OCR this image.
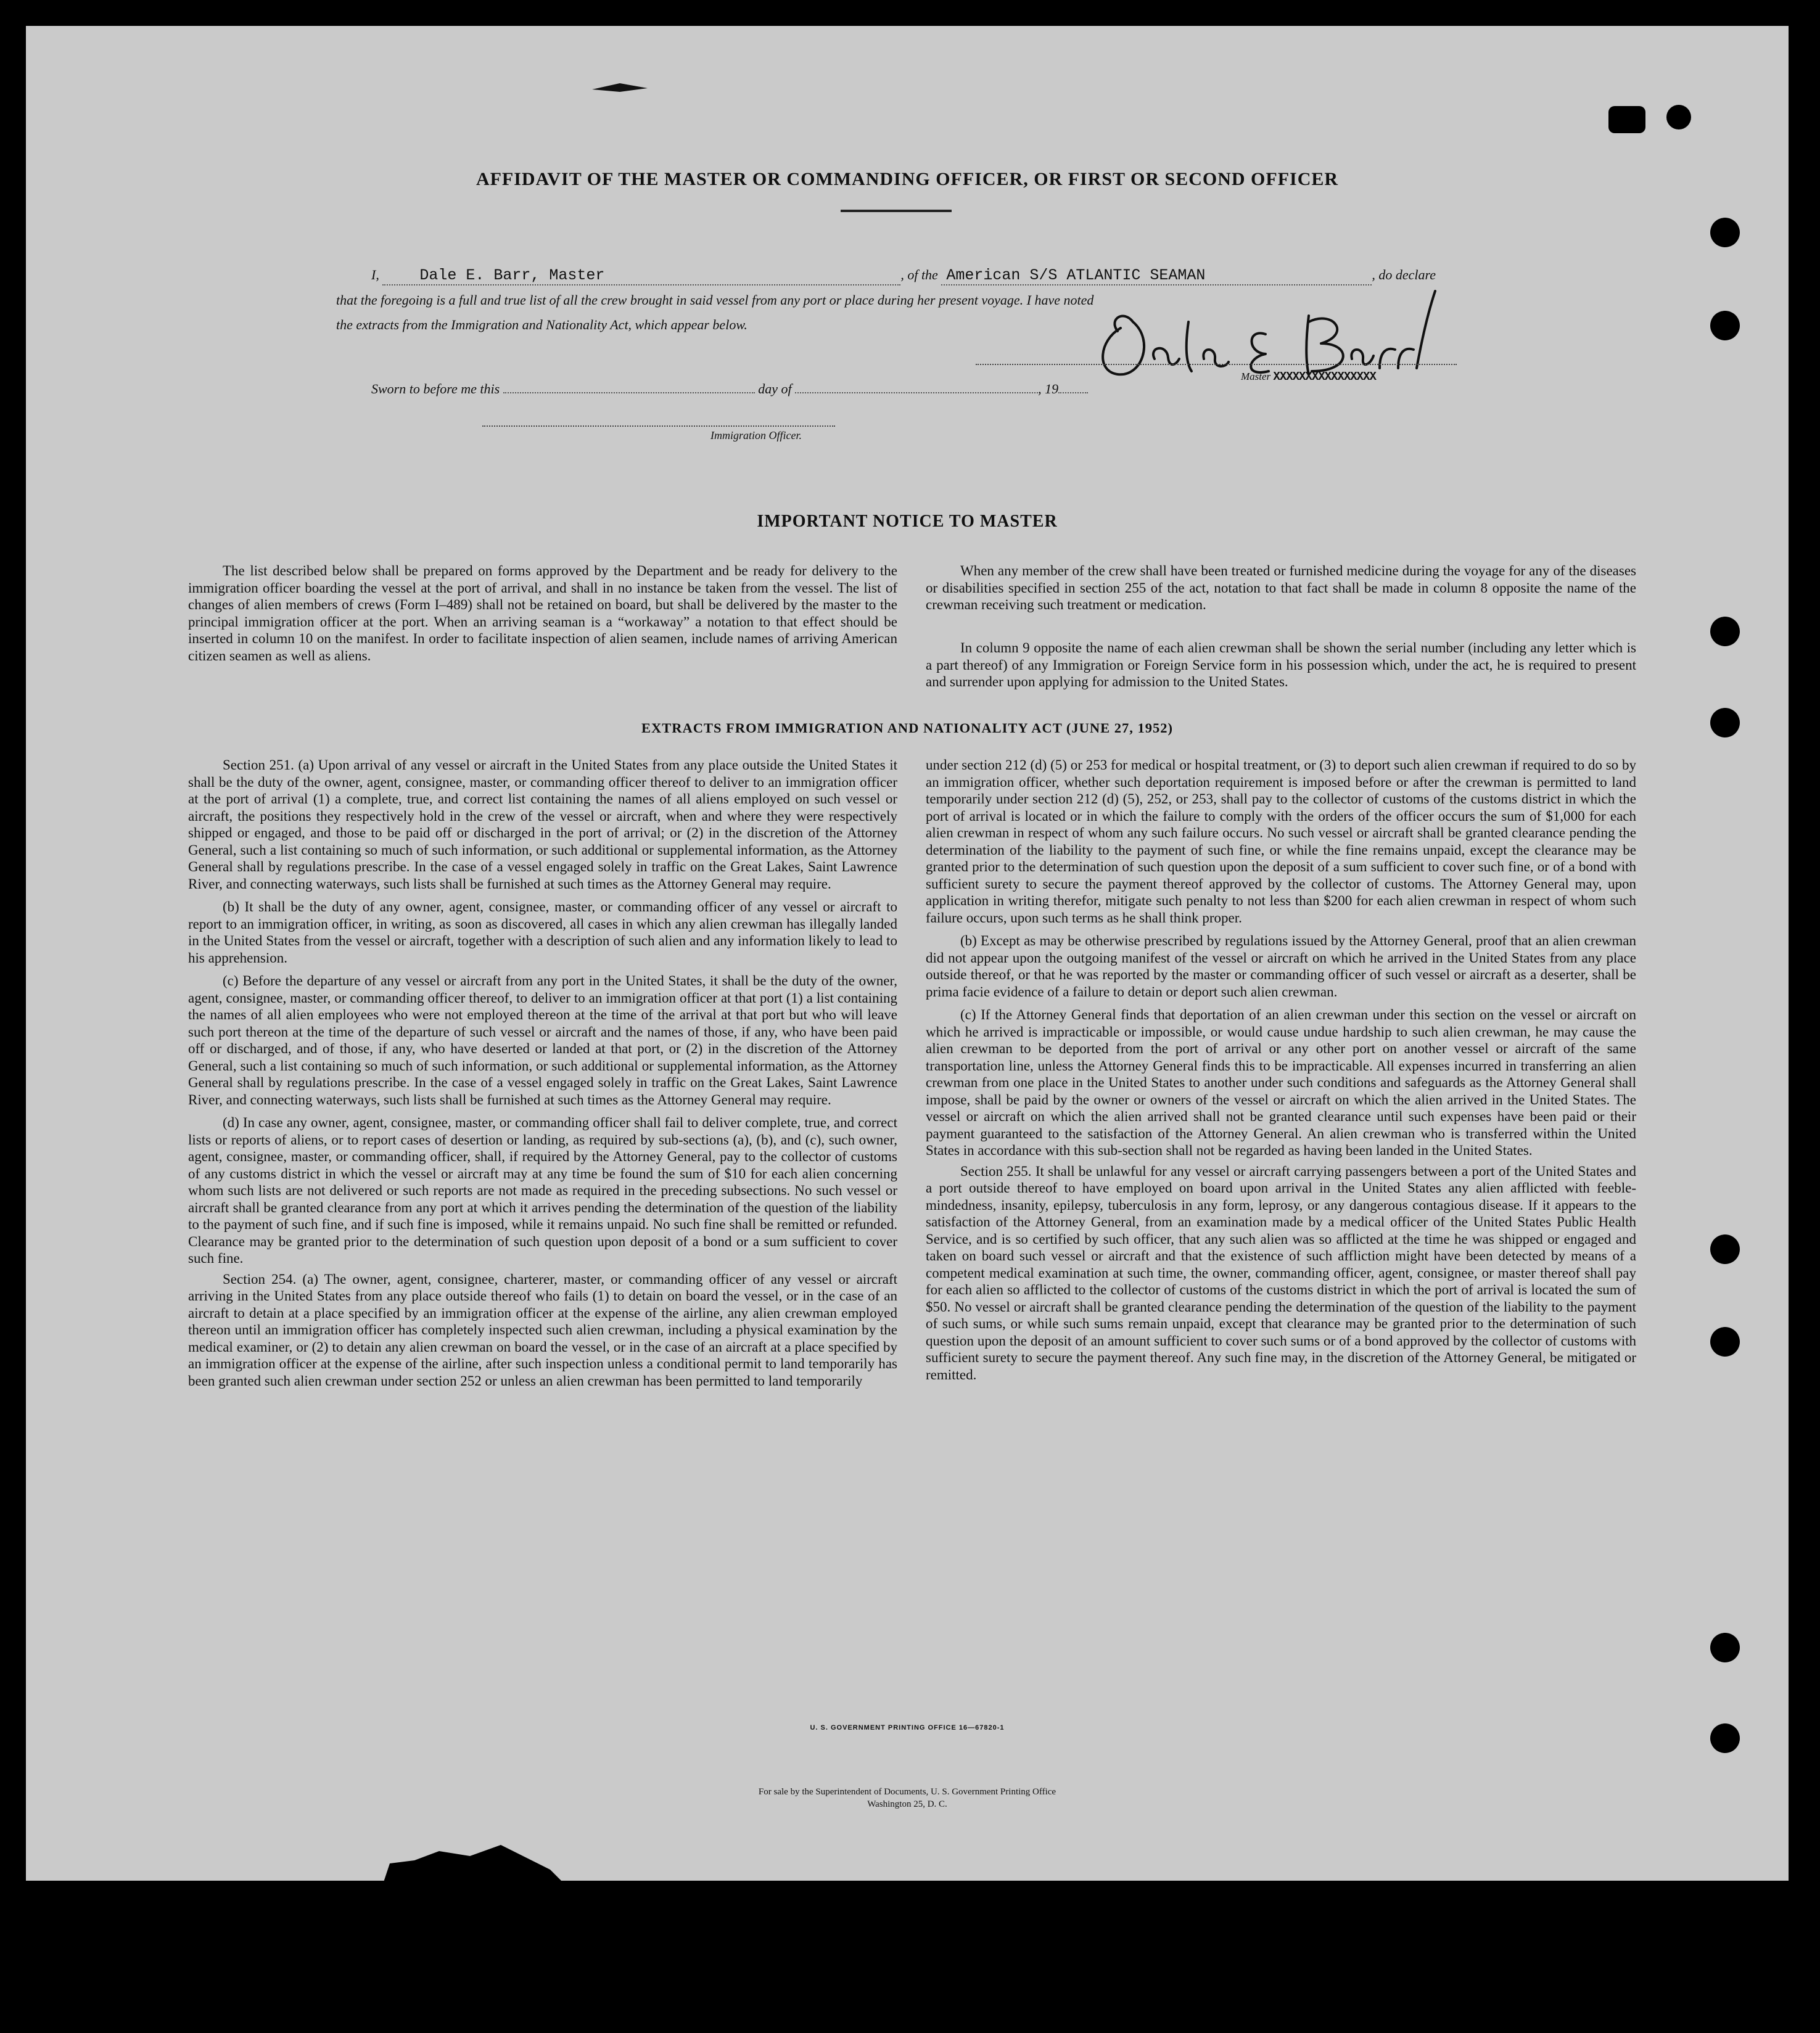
AFFIDAVIT OF THE MASTER OR COMMANDING OFFICER, OR FIRST OR SECOND OFFICER
I,	Dale E. Barr, Master	, of the American S/S ATLANTIC SEAMAN	, do declare
that the foregoing is a full and true list of all the crew brought in said vessel from any port or place during her present voyage. I have noted
the extracts from the Immigration and Nationality Act, which appear below.
Master XXXXXXXXXXXXXXXX
Sworn to before me this	day of	, 19
Immigration Officer.
IMPORTANT NOTICE TO MASTER

The list described below shall be prepared on forms approved by the Department and be ready for delivery to the immigration officer boarding the vessel at the port of arrival, and shall in no instance be taken from the vessel. The list of changes of alien members of crews (Form I–489) shall not be retained on board, but shall be delivered by the master to the principal immigration officer at the port. When an arriving seaman is a “workaway” a notation to that effect should be inserted in column 10 on the manifest. In order to facilitate inspection of alien seamen, include names of arriving American citizen seamen as well as aliens.

When any member of the crew shall have been treated or furnished medicine during the voyage for any of the diseases or disabilities specified in section 255 of the act, notation to that fact shall be made in column 8 opposite the name of the crewman receiving such treatment or medication.

In column 9 opposite the name of each alien crewman shall be shown the serial number (including any letter which is a part thereof) of any Immigration or Foreign Service form in his possession which, under the act, he is required to present and surrender upon applying for admission to the United States.

EXTRACTS FROM IMMIGRATION AND NATIONALITY ACT (JUNE 27, 1952)

Section 251. (a) Upon arrival of any vessel or aircraft in the United States from any place outside the United States it shall be the duty of the owner, agent, consignee, master, or commanding officer thereof to deliver to an immigration officer at the port of arrival (1) a complete, true, and correct list containing the names of all aliens employed on such vessel or aircraft, the positions they respectively hold in the crew of the vessel or aircraft, when and where they were respectively shipped or engaged, and those to be paid off or discharged in the port of arrival; or (2) in the discretion of the Attorney General, such a list containing so much of such information, or such additional or supplemental information, as the Attorney General shall by regulations prescribe. In the case of a vessel engaged solely in traffic on the Great Lakes, Saint Lawrence River, and connecting waterways, such lists shall be furnished at such times as the Attorney General may require.

(b) It shall be the duty of any owner, agent, consignee, master, or commanding officer of any vessel or aircraft to report to an immigration officer, in writing, as soon as discovered, all cases in which any alien crewman has illegally landed in the United States from the vessel or aircraft, together with a description of such alien and any information likely to lead to his apprehension.

(c) Before the departure of any vessel or aircraft from any port in the United States, it shall be the duty of the owner, agent, consignee, master, or commanding officer thereof, to deliver to an immigration officer at that port (1) a list containing the names of all alien employees who were not employed thereon at the time of the arrival at that port but who will leave such port thereon at the time of the departure of such vessel or aircraft and the names of those, if any, who have been paid off or discharged, and of those, if any, who have deserted or landed at that port, or (2) in the discretion of the Attorney General, such a list containing so much of such information, or such additional or supplemental information, as the Attorney General shall by regulations prescribe. In the case of a vessel engaged solely in traffic on the Great Lakes, Saint Lawrence River, and connecting waterways, such lists shall be furnished at such times as the Attorney General may require.

(d) In case any owner, agent, consignee, master, or commanding officer shall fail to deliver complete, true, and correct lists or reports of aliens, or to report cases of desertion or landing, as required by sub-sections (a), (b), and (c), such owner, agent, consignee, master, or commanding officer, shall, if required by the Attorney General, pay to the collector of customs of any customs district in which the vessel or aircraft may at any time be found the sum of $10 for each alien concerning whom such lists are not delivered or such reports are not made as required in the preceding subsections. No such vessel or aircraft shall be granted clearance from any port at which it arrives pending the determination of the question of the liability to the payment of such fine, and if such fine is imposed, while it remains unpaid. No such fine shall be remitted or refunded. Clearance may be granted prior to the determination of such question upon deposit of a bond or a sum sufficient to cover such fine.

Section 254. (a) The owner, agent, consignee, charterer, master, or commanding officer of any vessel or aircraft arriving in the United States from any place outside thereof who fails (1) to detain on board the vessel, or in the case of an aircraft to detain at a place specified by an immigration officer at the expense of the airline, any alien crewman employed thereon until an immigration officer has completely inspected such alien crewman, including a physical examination by the medical examiner, or (2) to detain any alien crewman on board the vessel, or in the case of an aircraft at a place specified by an immigration officer at the expense of the airline, after such inspection unless a conditional permit to land temporarily has been granted such alien crewman under section 252 or unless an alien crewman has been permitted to land temporarily

under section 212 (d) (5) or 253 for medical or hospital treatment, or (3) to deport such alien crewman if required to do so by an immigration officer, whether such deportation requirement is imposed before or after the crewman is permitted to land temporarily under section 212 (d) (5), 252, or 253, shall pay to the collector of customs of the customs district in which the port of arrival is located or in which the failure to comply with the orders of the officer occurs the sum of $1,000 for each alien crewman in respect of whom any such failure occurs. No such vessel or aircraft shall be granted clearance pending the determination of the liability to the payment of such fine, or while the fine remains unpaid, except the clearance may be granted prior to the determination of such question upon the deposit of a sum sufficient to cover such fine, or of a bond with sufficient surety to secure the payment thereof approved by the collector of customs. The Attorney General may, upon application in writing therefor, mitigate such penalty to not less than $200 for each alien crewman in respect of whom such failure occurs, upon such terms as he shall think proper.

(b) Except as may be otherwise prescribed by regulations issued by the Attorney General, proof that an alien crewman did not appear upon the outgoing manifest of the vessel or aircraft on which he arrived in the United States from any place outside thereof, or that he was reported by the master or commanding officer of such vessel or aircraft as a deserter, shall be prima facie evidence of a failure to detain or deport such alien crewman.

(c) If the Attorney General finds that deportation of an alien crewman under this section on the vessel or aircraft on which he arrived is impracticable or impossible, or would cause undue hardship to such alien crewman, he may cause the alien crewman to be deported from the port of arrival or any other port on another vessel or aircraft of the same transportation line, unless the Attorney General finds this to be impracticable. All expenses incurred in transferring an alien crewman from one place in the United States to another under such conditions and safeguards as the Attorney General shall impose, shall be paid by the owner or owners of the vessel or aircraft on which the alien arrived in the United States. The vessel or aircraft on which the alien arrived shall not be granted clearance until such expenses have been paid or their payment guaranteed to the satisfaction of the Attorney General. An alien crewman who is transferred within the United States in accordance with this sub-section shall not be regarded as having been landed in the United States.

Section 255. It shall be unlawful for any vessel or aircraft carrying passengers between a port of the United States and a port outside thereof to have employed on board upon arrival in the United States any alien afflicted with feeble-mindedness, insanity, epilepsy, tuberculosis in any form, leprosy, or any dangerous contagious disease. If it appears to the satisfaction of the Attorney General, from an examination made by a medical officer of the United States Public Health Service, and is so certified by such officer, that any such alien was so afflicted at the time he was shipped or engaged and taken on board such vessel or aircraft and that the existence of such affliction might have been detected by means of a competent medical examination at such time, the owner, commanding officer, agent, consignee, or master thereof shall pay for each alien so afflicted to the collector of customs of the customs district in which the port of arrival is located the sum of $50. No vessel or aircraft shall be granted clearance pending the determination of the question of the liability to the payment of such sums, or while such sums remain unpaid, except that clearance may be granted prior to the determination of such question upon the deposit of an amount sufficient to cover such sums or of a bond approved by the collector of customs with sufficient surety to secure the payment thereof. Any such fine may, in the discretion of the Attorney General, be mitigated or remitted.

U. S. GOVERNMENT PRINTING OFFICE 16—67820-1
For sale by the Superintendent of Documents, U. S. Government Printing Office
Washington 25, D. C.
